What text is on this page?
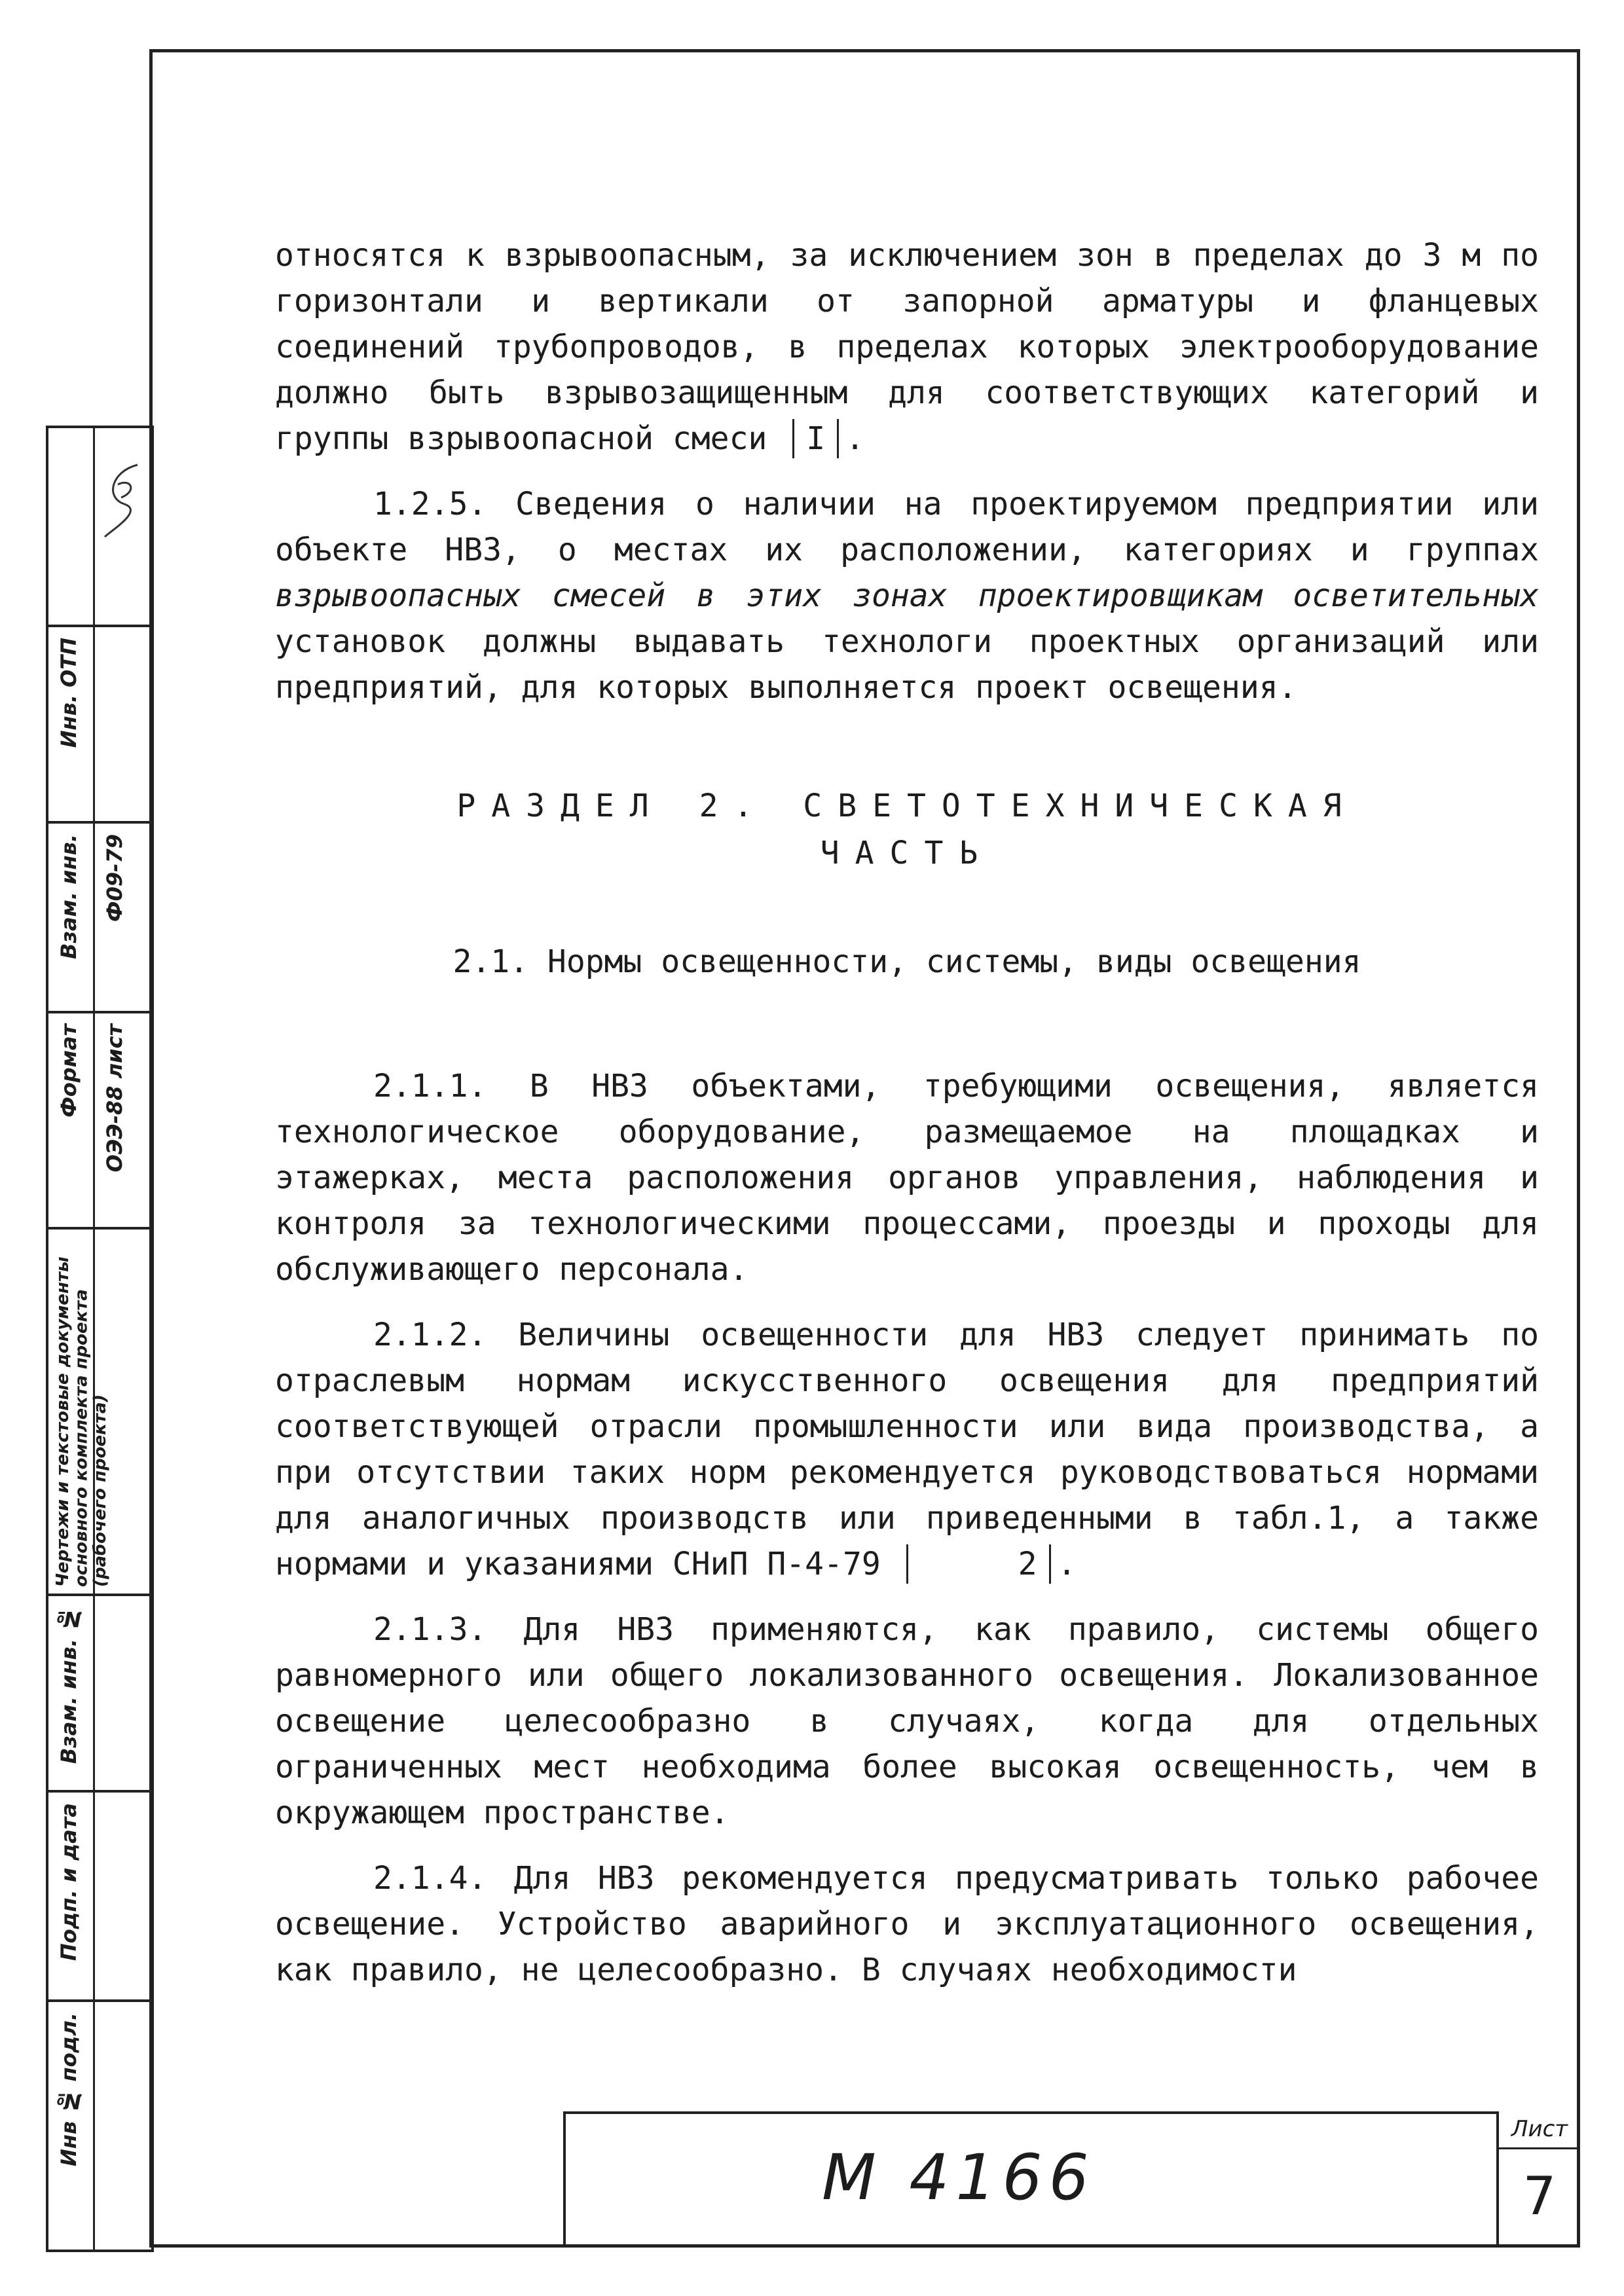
Инв № подл.
Подп. и дата
Взам. инв. №
Чертежи и текстовые документы основного комплекта проекта (рабочего проекта)
Формат
Взам. инв.
Инв. ОТП
ОЭЭ-88 лист
Ф09-79

относятся к взрывоопасным, за исключением зон в пределах до 3 м по горизонтали и вертикали от запорной арматуры и фланцевых соединений трубопроводов, в пределах которых электрооборудование должно быть взрывозащищенным для соответствующих категорий и группы взрывоопасной смеси I .

1.2.5. Сведения о наличии на проектируемом предприятии или объекте НВЗ, о местах их расположении, категориях и группах взрывоопасных смесей в этих зонах проектировщикам осветительных установок должны выдавать технологи проектных организаций или предприятий, для которых выполняется проект освещения.

РАЗДЕЛ 2. СВЕТОТЕХНИЧЕСКАЯ
ЧАСТЬ
2.1. Нормы освещенности, системы, виды освещения

2.1.1. В НВЗ объектами, требующими освещения, является технологическое оборудование, размещаемое на площадках и этажерках, места расположения органов управления, наблюдения и контроля за технологическими процессами, проезды и проходы для обслуживающего персонала.

2.1.2. Величины освещенности для НВЗ следует принимать по отраслевым нормам искусственного освещения для предприятий соответствующей отрасли промышленности или вида производства, а при отсутствии таких норм рекомендуется руководствоваться нормами для аналогичных производств или приведенными в табл.1, а также нормами и указаниями СНиП П-4-79	2 .

2.1.3. Для НВЗ применяются, как правило, системы общего равномерного или общего локализованного освещения. Локализованное освещение целесообразно в случаях, когда для отдельных ограниченных мест необходима более высокая освещенность, чем в окружающем пространстве.

2.1.4. Для НВЗ рекомендуется предусматривать только рабочее освещение. Устройство аварийного и эксплуатационного освещения, как правило, не целесообразно. В случаях необходимости

М 4166
Лист
7
